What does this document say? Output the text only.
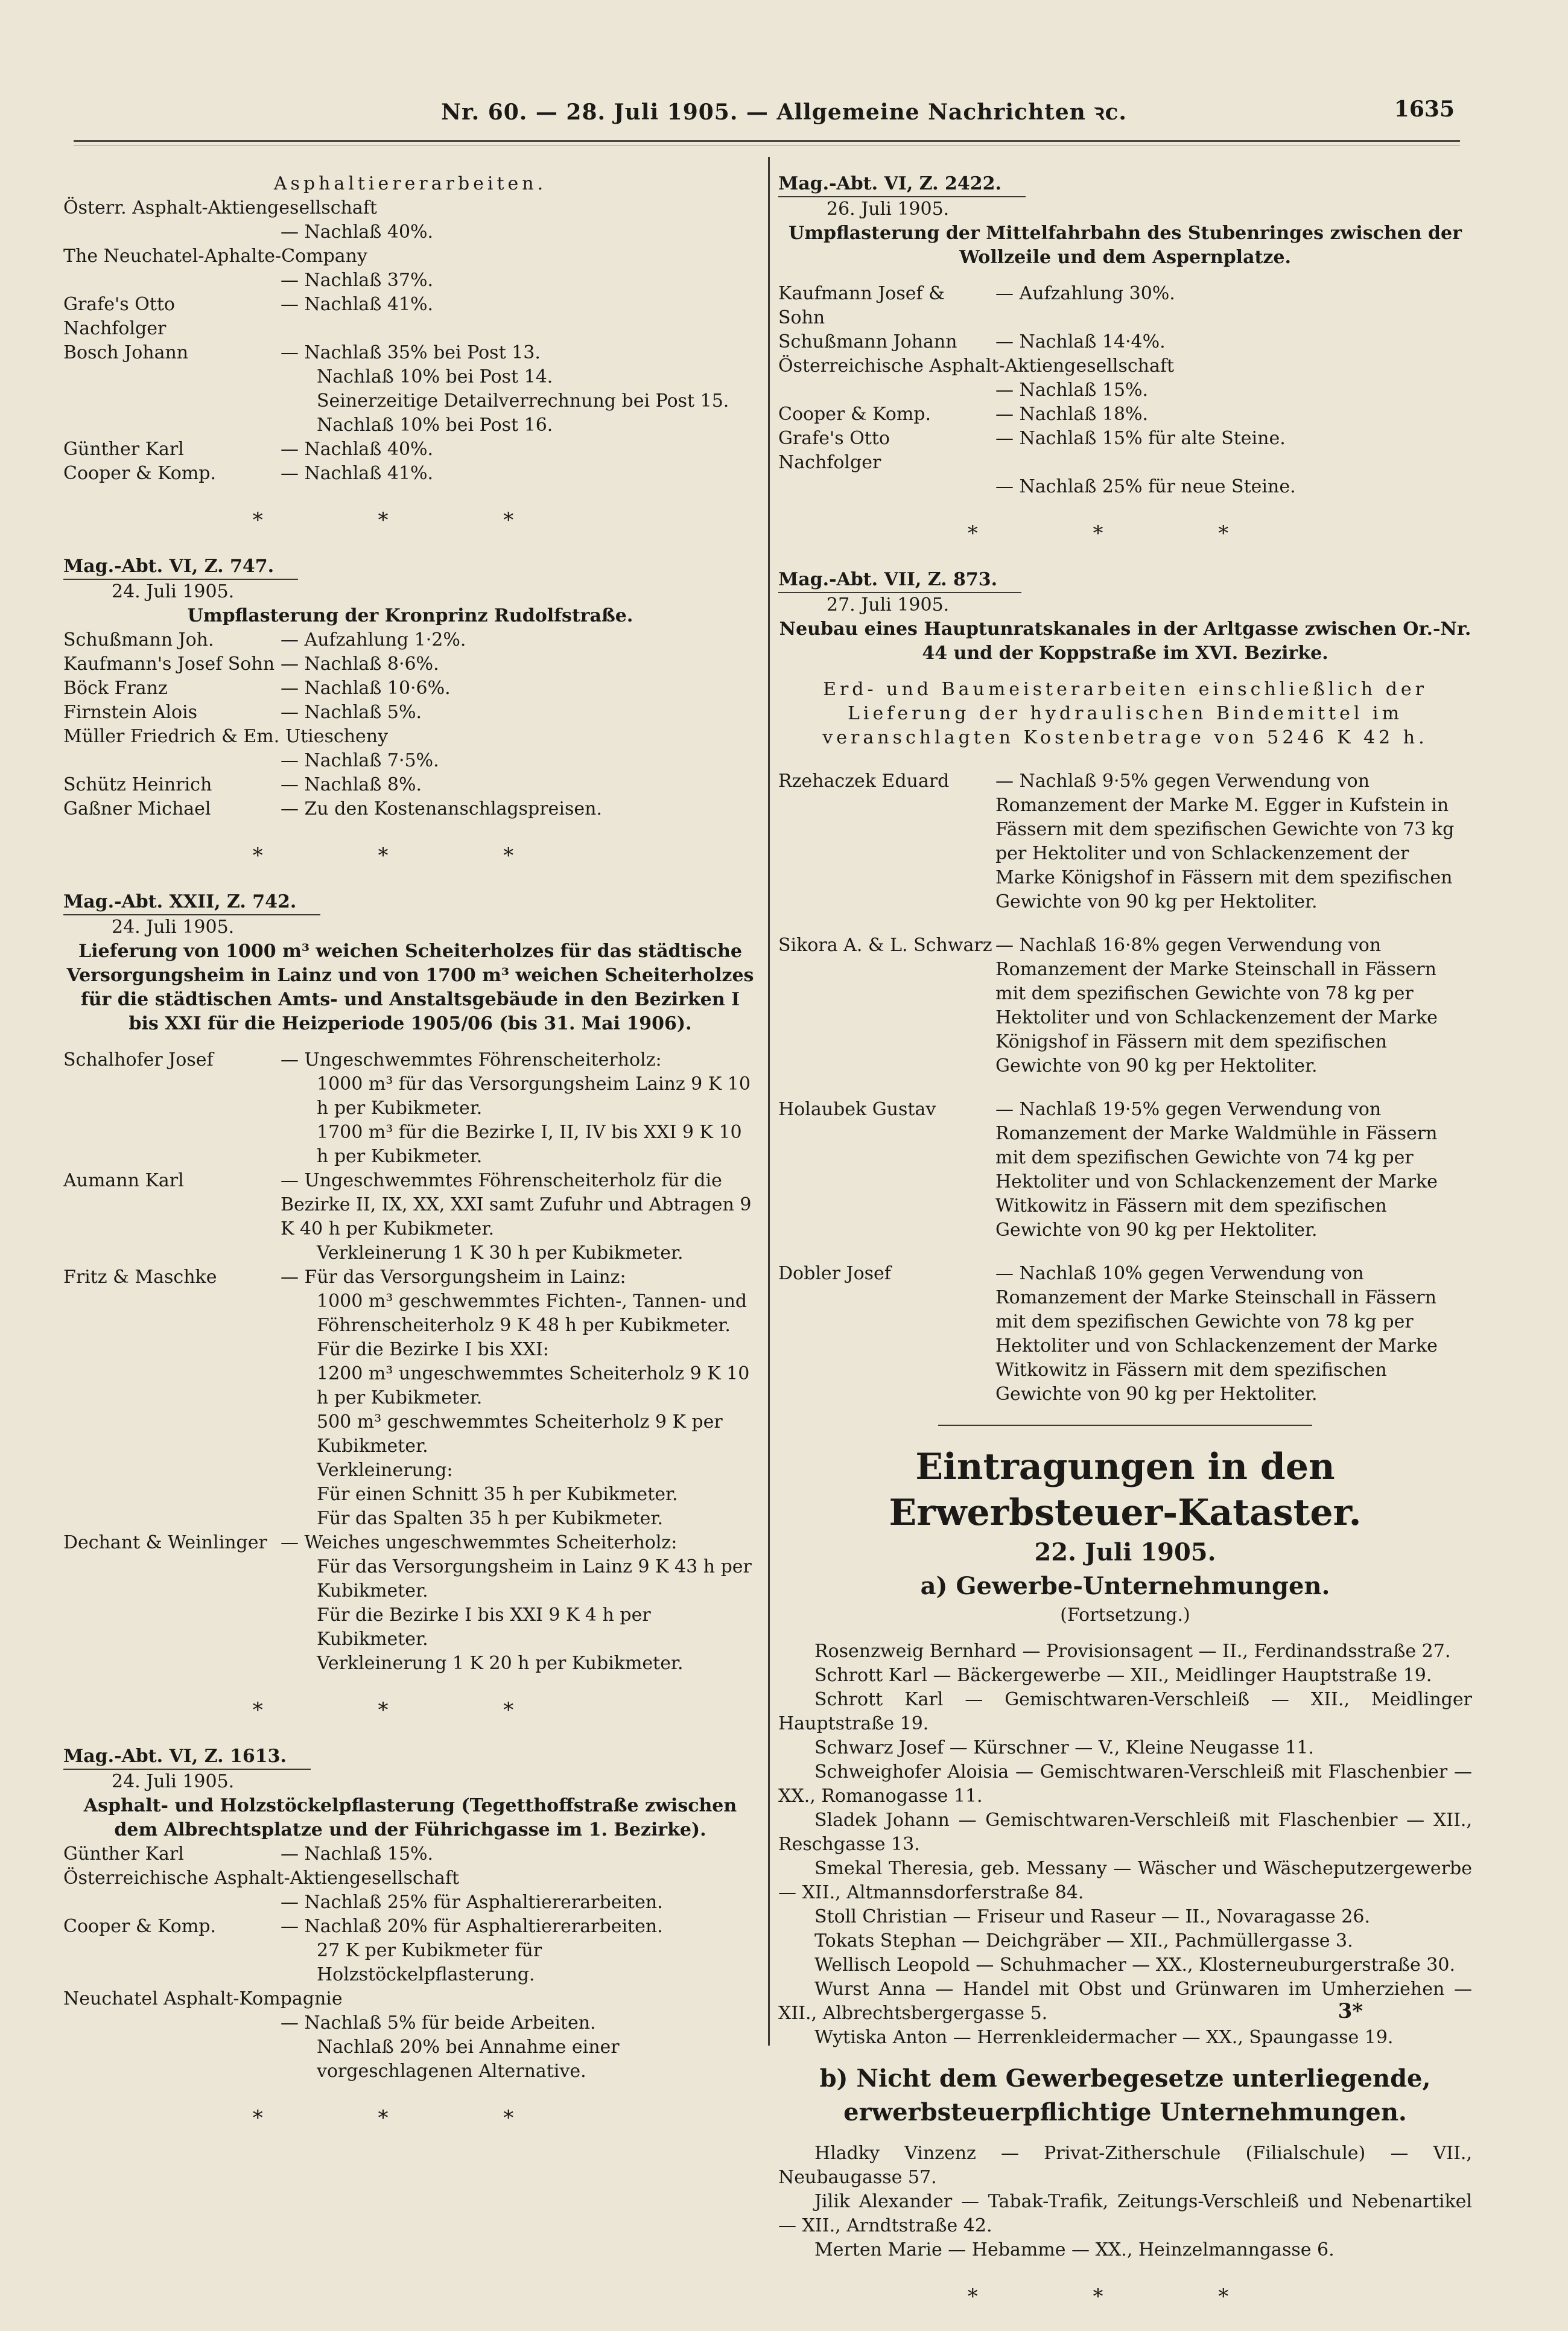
Nr. 60. — 28. Juli 1905. — Allgemeine Nachrichten ꝛc.	1635

Asphaltiererarbeiten.

Österr. Asphalt-Aktiengesellschaft

— Nachlaß 40%.

The Neuchatel-Aphalte-Company

— Nachlaß 37%.

Grafe's Otto Nachfolger
— Nachlaß 41%.
Bosch Johann	— Nachlaß 35% bei Post 13.

Nachlaß 10% bei Post 14.

Seinerzeitige Detailverrechnung bei Post 15.

Nachlaß 10% bei Post 16.

Günther Karl	— Nachlaß 40%.
Cooper & Komp.	— Nachlaß 41%.
* * *

Mag.-Abt. VI, Z. 747.

24. Juli 1905.

Umpflasterung der Kronprinz Rudolfstraße.

Schußmann Joh.	— Aufzahlung 1·2%.
Kaufmann's Josef Sohn — Nachlaß 8·6%.
Böck Franz	— Nachlaß 10·6%.
Firnstein Alois	— Nachlaß 5%.

Müller Friedrich & Em. Utiescheny

— Nachlaß 7·5%.

Schütz Heinrich	— Nachlaß 8%.
Gaßner Michael	— Zu den Kostenanschlagspreisen.
* * *

Mag.-Abt. XXII, Z. 742.

24. Juli 1905.

Lieferung von 1000 m³ weichen Scheiterholzes für das städtische Versorgungsheim in Lainz und von 1700 m³ weichen Scheiterholzes für die städtischen Amts- und Anstaltsgebäude in den Bezirken I bis XXI für die Heizperiode 1905/06 (bis 31. Mai 1906).

Schalhofer Josef	— Ungeschwemmtes Föhrenscheiterholz:

1000 m³ für das Versorgungsheim Lainz 9 K 10 h per Kubikmeter.

1700 m³ für die Bezirke I, II, IV bis XXI 9 K 10 h per Kubikmeter.

Aumann Karl	— Ungeschwemmtes Föhrenscheiterholz für die Bezirke II, IX, XX, XXI samt Zufuhr und Abtragen 9 K 40 h per Kubikmeter.

Verkleinerung 1 K 30 h per Kubikmeter.

Fritz & Maschke	— Für das Versorgungsheim in Lainz:

1000 m³ geschwemmtes Fichten-, Tannen- und Föhrenscheiterholz 9 K 48 h per Kubikmeter.

Für die Bezirke I bis XXI:

1200 m³ ungeschwemmtes Scheiterholz 9 K 10 h per Kubikmeter.

500 m³ geschwemmtes Scheiterholz 9 K per Kubikmeter.

Verkleinerung:

Für einen Schnitt 35 h per Kubikmeter.

Für das Spalten 35 h per Kubikmeter.

Dechant & Weinlinger — Weiches ungeschwemmtes Scheiterholz:

Für das Versorgungsheim in Lainz 9 K 43 h per Kubikmeter.

Für die Bezirke I bis XXI 9 K 4 h per Kubikmeter.

Verkleinerung 1 K 20 h per Kubikmeter.

* * *

Mag.-Abt. VI, Z. 1613.

24. Juli 1905.

Asphalt- und Holzstöckelpflasterung (Tegetthoffstraße zwischen dem Albrechtsplatze und der Führichgasse im 1. Bezirke).

Günther Karl	— Nachlaß 15%.

Österreichische Asphalt-Aktiengesellschaft

— Nachlaß 25% für Asphaltiererarbeiten.

Cooper & Komp.	— Nachlaß 20% für Asphaltiererarbeiten.

27 K per Kubikmeter für Holzstöckelpflasterung.

Neuchatel Asphalt-Kompagnie

— Nachlaß 5% für beide Arbeiten.

Nachlaß 20% bei Annahme einer vorgeschlagenen Alternative.

* * *

Mag.-Abt. VI, Z. 2422.

26. Juli 1905.

Umpflasterung der Mittelfahrbahn des Stubenringes zwischen der Wollzeile und dem Aspernplatze.

Kaufmann Josef & Sohn
— Aufzahlung 30%.
Schußmann Johann	— Nachlaß 14·4%.

Österreichische Asphalt-Aktiengesellschaft

— Nachlaß 15%.

Cooper & Komp.	— Nachlaß 18%.
Grafe's Otto Nachfolger
— Nachlaß 15% für alte Steine.

— Nachlaß 25% für neue Steine.

* * *

Mag.-Abt. VII, Z. 873.

27. Juli 1905.

Neubau eines Hauptunratskanales in der Arltgasse zwischen Or.-Nr. 44 und der Koppstraße im XVI. Bezirke.

Erd- und Baumeisterarbeiten einschließlich der Lieferung der hydraulischen Bindemittel im veranschlagten Kostenbetrage von 5246 K 42 h.

Rzehaczek Eduard	— Nachlaß 9·5% gegen Verwendung von Romanzement der Marke M. Egger in Kufstein in Fässern mit dem spezifischen Gewichte von 73 kg per Hektoliter und von Schlackenzement der Marke Königshof in Fässern mit dem spezifischen Gewichte von 90 kg per Hektoliter.
Sikora A. & L. Schwarz — Nachlaß 16·8% gegen Verwendung von Romanzement der Marke Steinschall in Fässern mit dem spezifischen Gewichte von 78 kg per Hektoliter und von Schlackenzement der Marke Königshof in Fässern mit dem spezifischen Gewichte von 90 kg per Hektoliter.
Holaubek Gustav	— Nachlaß 19·5% gegen Verwendung von Romanzement der Marke Waldmühle in Fässern mit dem spezifischen Gewichte von 74 kg per Hektoliter und von Schlackenzement der Marke Witkowitz in Fässern mit dem spezifischen Gewichte von 90 kg per Hektoliter.
Dobler Josef	— Nachlaß 10% gegen Verwendung von Romanzement der Marke Steinschall in Fässern mit dem spezifischen Gewichte von 78 kg per Hektoliter und von Schlackenzement der Marke Witkowitz in Fässern mit dem spezifischen Gewichte von 90 kg per Hektoliter.

Eintragungen in den Erwerbsteuer-Kataster.

22. Juli 1905.

a) Gewerbe-Unternehmungen.

(Fortsetzung.)

Rosenzweig Bernhard — Provisionsagent — II., Ferdinandsstraße 27.

Schrott Karl — Bäckergewerbe — XII., Meidlinger Hauptstraße 19.

Schrott Karl — Gemischtwaren-Verschleiß — XII., Meidlinger Hauptstraße 19.

Schwarz Josef — Kürschner — V., Kleine Neugasse 11.

Schweighofer Aloisia — Gemischtwaren-Verschleiß mit Flaschenbier — XX., Romanogasse 11.

Sladek Johann — Gemischtwaren-Verschleiß mit Flaschenbier — XII., Reschgasse 13.

Smekal Theresia, geb. Messany — Wäscher und Wäscheputzergewerbe — XII., Altmannsdorferstraße 84.

Stoll Christian — Friseur und Raseur — II., Novaragasse 26.

Tokats Stephan — Deichgräber — XII., Pachmüllergasse 3.

Wellisch Leopold — Schuhmacher — XX., Klosterneuburgerstraße 30.

Wurst Anna — Handel mit Obst und Grünwaren im Umherziehen — XII., Albrechtsbergergasse 5.

Wytiska Anton — Herrenkleidermacher — XX., Spaungasse 19.

b) Nicht dem Gewerbegesetze unterliegende, erwerbsteuerpflichtige Unternehmungen.

Hladky Vinzenz — Privat-Zitherschule (Filialschule) — VII., Neubaugasse 57.

Jilik Alexander — Tabak-Trafik, Zeitungs-Verschleiß und Nebenartikel — XII., Arndtstraße 42.

Merten Marie — Hebamme — XX., Heinzelmanngasse 6.

* * *
3*
